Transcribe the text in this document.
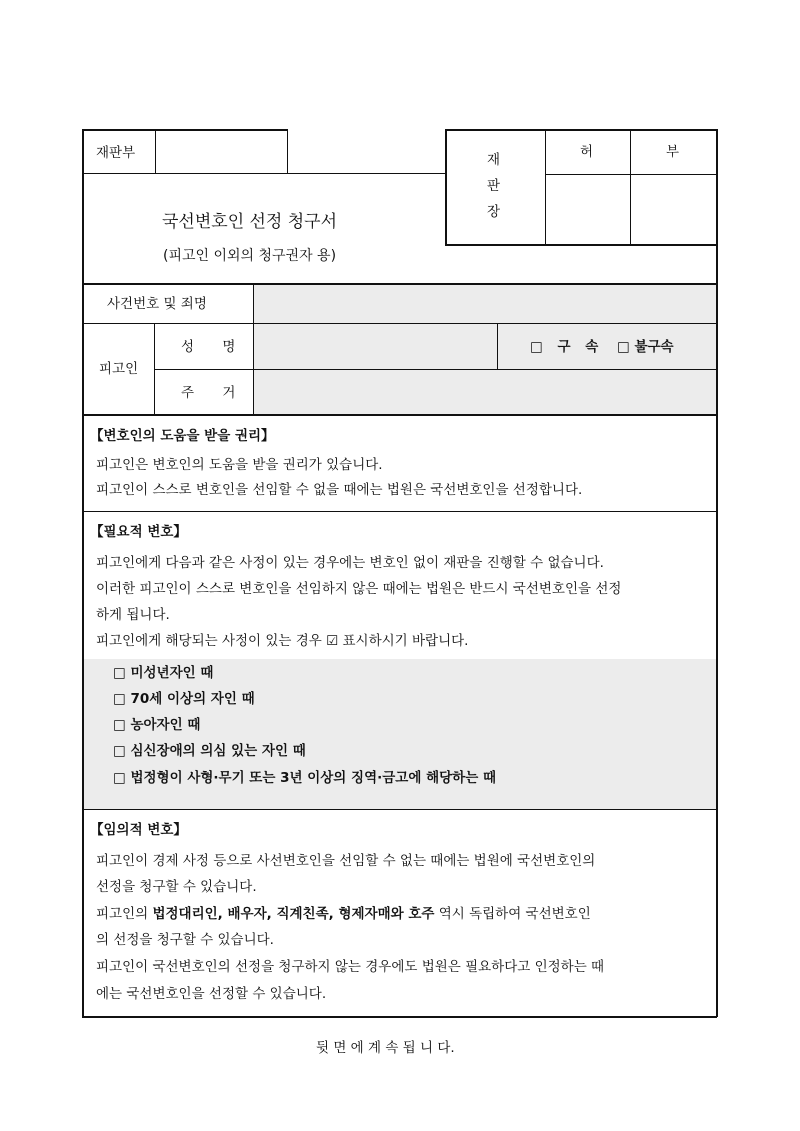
재판부	재
판
장
허	부
국선변호인 선정 청구서
(피고인 이외의 청구권자 용)
사건번호 및 죄명
피고인
성 명
주 거
□ 구 속 □ 불구속
【변호인의 도움을 받을 권리】
피고인은 변호인의 도움을 받을 권리가 있습니다.
피고인이 스스로 변호인을 선임할 수 없을 때에는 법원은 국선변호인을 선정합니다.
【필요적 변호】
피고인에게 다음과 같은 사정이 있는 경우에는 변호인 없이 재판을 진행할 수 없습니다.
이러한 피고인이 스스로 변호인을 선임하지 않은 때에는 법원은 반드시 국선변호인을 선정
하게 됩니다.
피고인에게 해당되는 사정이 있는 경우 ☑ 표시하시기 바랍니다.
□ 미성년자인 때
□ 70세 이상의 자인 때
□ 농아자인 때
□ 심신장애의 의심 있는 자인 때
□ 법정형이 사형·무기 또는 3년 이상의 징역·금고에 해당하는 때
【임의적 변호】
피고인이 경제 사정 등으로 사선변호인을 선임할 수 없는 때에는 법원에 국선변호인의
선정을 청구할 수 있습니다.
피고인의 법정대리인, 배우자, 직계친족, 형제자매와 호주 역시 독립하여 국선변호인
의 선정을 청구할 수 있습니다.
피고인이 국선변호인의 선정을 청구하지 않는 경우에도 법원은 필요하다고 인정하는 때
에는 국선변호인을 선정할 수 있습니다.
뒷 면 에 계 속 됩 니 다.
